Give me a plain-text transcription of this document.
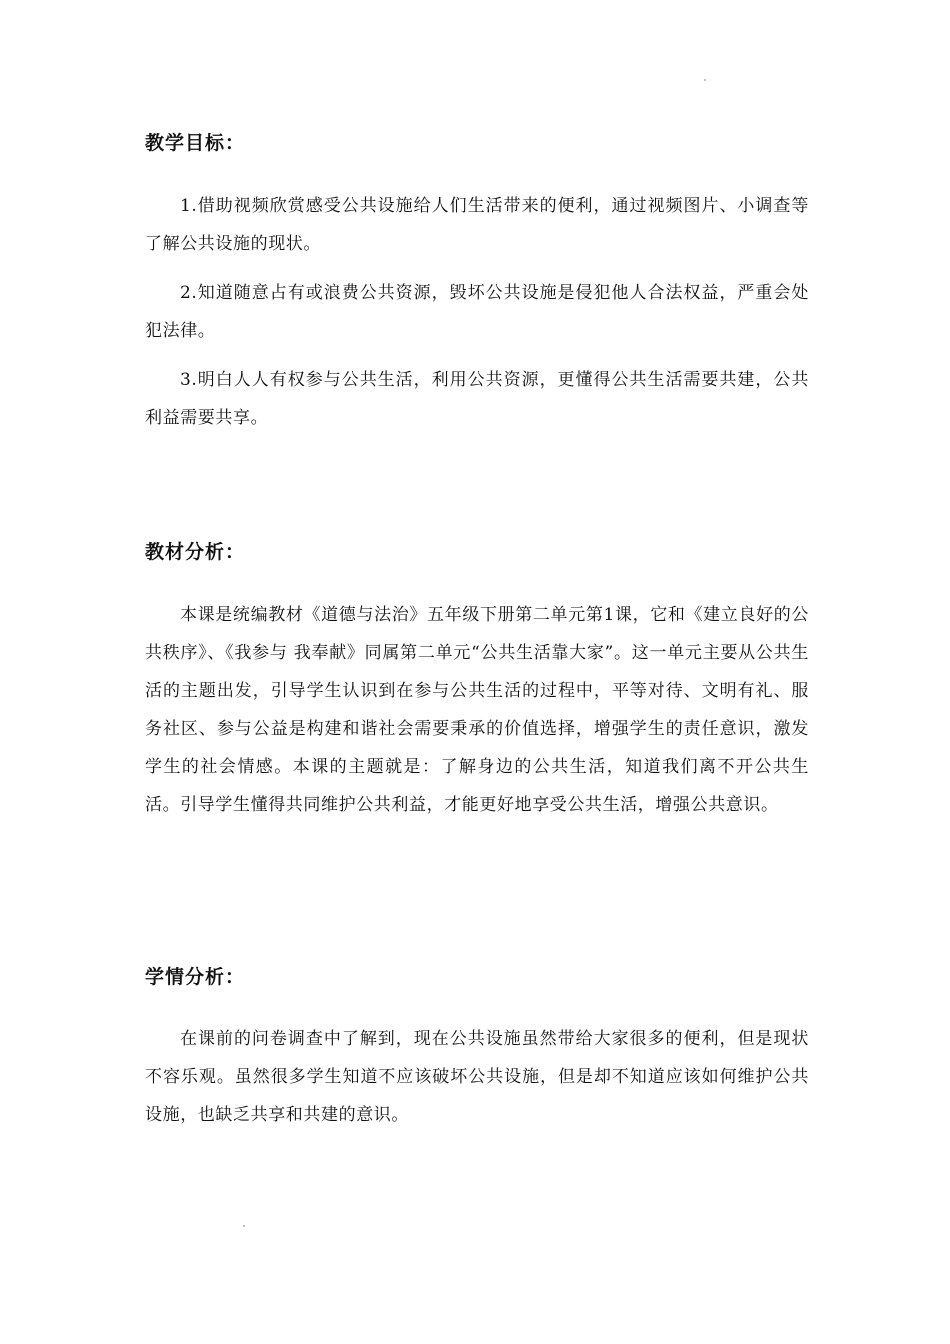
教学目标：

1.借助视频欣赏感受公共设施给人们生活带来的便利，通过视频图片、小调查等了解公共设施的现状。

2.知道随意占有或浪费公共资源，毁坏公共设施是侵犯他人合法权益，严重会处犯法律。

3.明白人人有权参与公共生活，利用公共资源，更懂得公共生活需要共建，公共利益需要共享。

教材分析：

本课是统编教材《道德与法治》五年级下册第二单元第1课，它和《建立良好的公共秩序》、《我参与 我奉献》同属第二单元“公共生活靠大家”。这一单元主要从公共生活的主题出发，引导学生认识到在参与公共生活的过程中，平等对待、文明有礼、服务社区、参与公益是构建和谐社会需要秉承的价值选择，增强学生的责任意识，激发学生的社会情感。本课的主题就是：了解身边的公共生活，知道我们离不开公共生活。引导学生懂得共同维护公共利益，才能更好地享受公共生活，增强公共意识。

学情分析：

在课前的问卷调查中了解到，现在公共设施虽然带给大家很多的便利，但是现状不容乐观。虽然很多学生知道不应该破坏公共设施，但是却不知道应该如何维护公共设施，也缺乏共享和共建的意识。
